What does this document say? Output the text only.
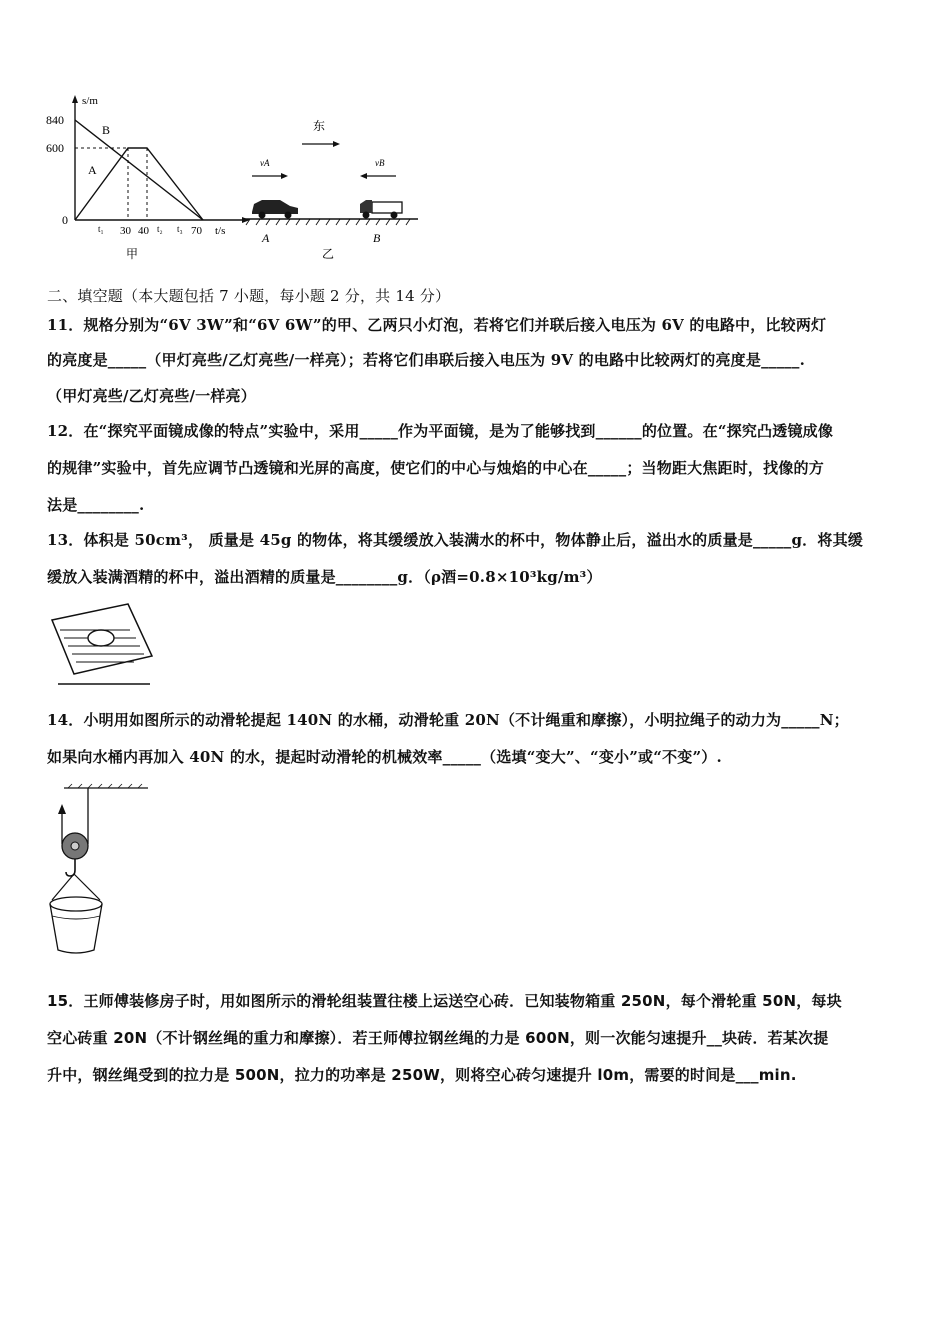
s/m
840
600
0
B
A
t₁ 30 40 t₂ t₃ 70 t/s
甲
东
vA	vB
A	B
乙
二、填空题（本大题包括 7 小题，每小题 2 分，共 14 分）
11．规格分别为“6V 3W”和“6V 6W”的甲、乙两只小灯泡，若将它们并联后接入电压为 6V 的电路中，比较两灯
的亮度是_____（甲灯亮些/乙灯亮些/一样亮）；若将它们串联后接入电压为 9V 的电路中比较两灯的亮度是_____.
（甲灯亮些/乙灯亮些/一样亮）
12．在“探究平面镜成像的特点”实验中，采用_____作为平面镜，是为了能够找到______的位置。在“探究凸透镜成像
的规律”实验中，首先应调节凸透镜和光屏的高度，使它们的中心与烛焰的中心在_____；当物距大焦距时，找像的方
法是________.
13．体积是 50cm³， 质量是 45g 的物体，将其缓缓放入装满水的杯中，物体静止后，溢出水的质量是_____g．将其缓
缓放入装满酒精的杯中，溢出酒精的质量是________g．（ρ酒=0.8×10³kg/m³）
14．小明用如图所示的动滑轮提起 140N 的水桶，动滑轮重 20N（不计绳重和摩擦），小明拉绳子的动力为_____N；
如果向水桶内再加入 40N 的水，提起时动滑轮的机械效率_____（选填“变大”、“变小”或“不变”）.
15．王师傅装修房子时，用如图所示的滑轮组装置往楼上运送空心砖．已知装物箱重 250N，每个滑轮重 50N，每块
空心砖重 20N（不计钢丝绳的重力和摩擦）．若王师傅拉钢丝绳的力是 600N，则一次能匀速提升__块砖．若某次提
升中，钢丝绳受到的拉力是 500N，拉力的功率是 250W，则将空心砖匀速提升 l0m，需要的时间是___min.
